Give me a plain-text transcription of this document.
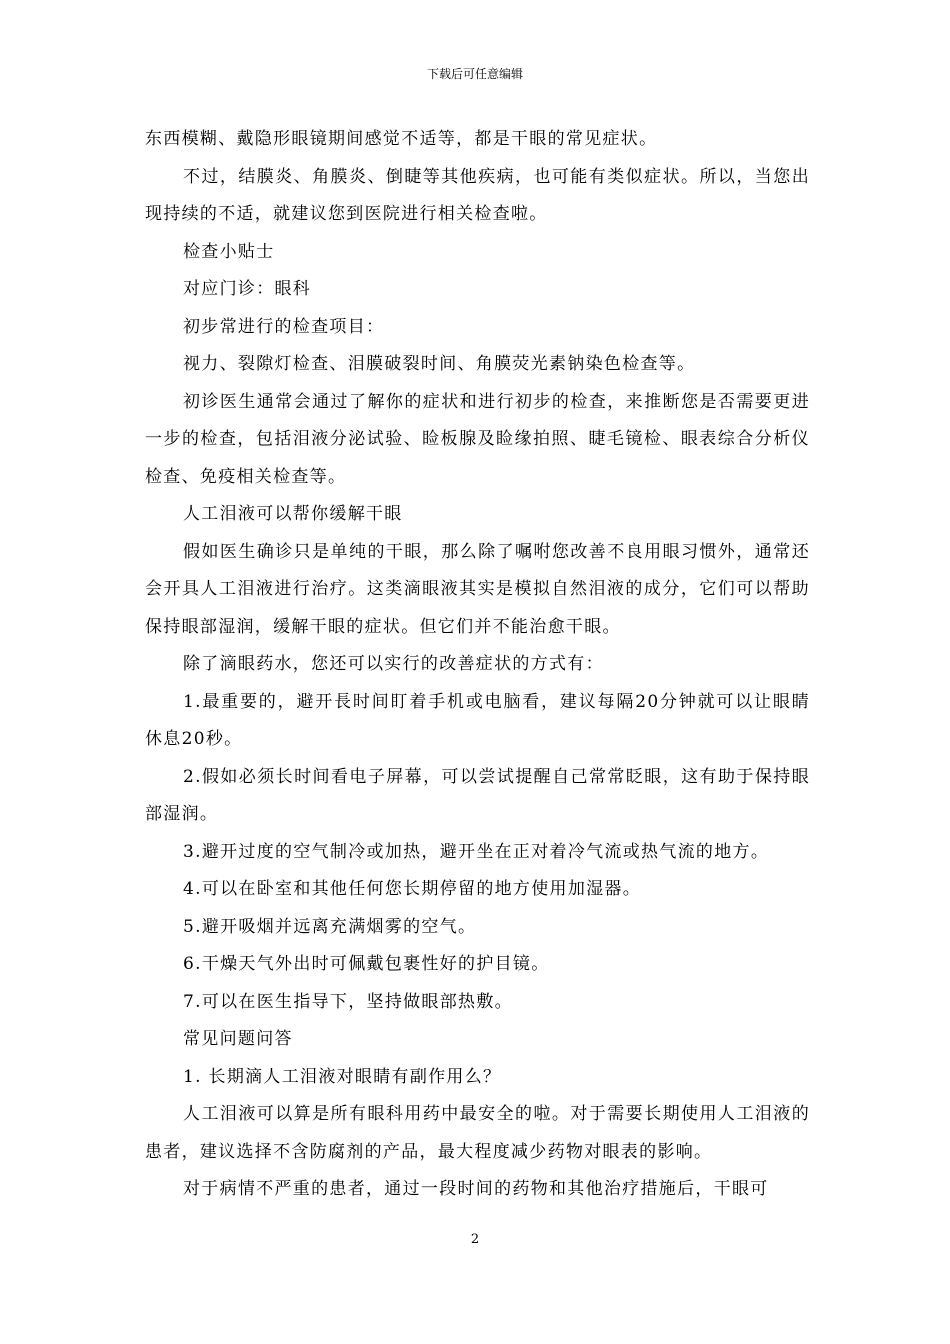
下载后可任意编辑

东西模糊、戴隐形眼镜期间感觉不适等，都是干眼的常见症状。

不过，结膜炎、角膜炎、倒睫等其他疾病，也可能有类似症状。所以，当您出现持续的不适，就建议您到医院进行相关检查啦。

检查小贴士

对应门诊：眼科

初步常进行的检查项目：

视力、裂隙灯检查、泪膜破裂时间、角膜荧光素钠染色检查等。

初诊医生通常会通过了解你的症状和进行初步的检查，来推断您是否需要更进一步的检查，包括泪液分泌试验、睑板腺及睑缘拍照、睫毛镜检、眼表综合分析仪检查、免疫相关检查等。

人工泪液可以帮你缓解干眼

假如医生确诊只是单纯的干眼，那么除了嘱咐您改善不良用眼习惯外，通常还会开具人工泪液进行治疗。这类滴眼液其实是模拟自然泪液的成分，它们可以帮助保持眼部湿润，缓解干眼的症状。但它们并不能治愈干眼。

除了滴眼药水，您还可以实行的改善症状的方式有：

1.最重要的，避开長时间盯着手机或电脑看，建议每隔20分钟就可以让眼睛休息20秒。

2.假如必须长时间看电子屏幕，可以尝试提醒自己常常眨眼，这有助于保持眼部湿润。

3.避开过度的空气制冷或加热，避开坐在正对着冷气流或热气流的地方。

4.可以在卧室和其他任何您长期停留的地方使用加湿器。

5.避开吸烟并远离充满烟雾的空气。

6.干燥天气外出时可佩戴包裹性好的护目镜。

7.可以在医生指导下，坚持做眼部热敷。

常见问题问答

1. 长期滴人工泪液对眼睛有副作用么？

人工泪液可以算是所有眼科用药中最安全的啦。对于需要长期使用人工泪液的患者，建议选择不含防腐剂的产品，最大程度减少药物对眼表的影响。

对于病情不严重的患者，通过一段时间的药物和其他治疗措施后，干眼可

2
